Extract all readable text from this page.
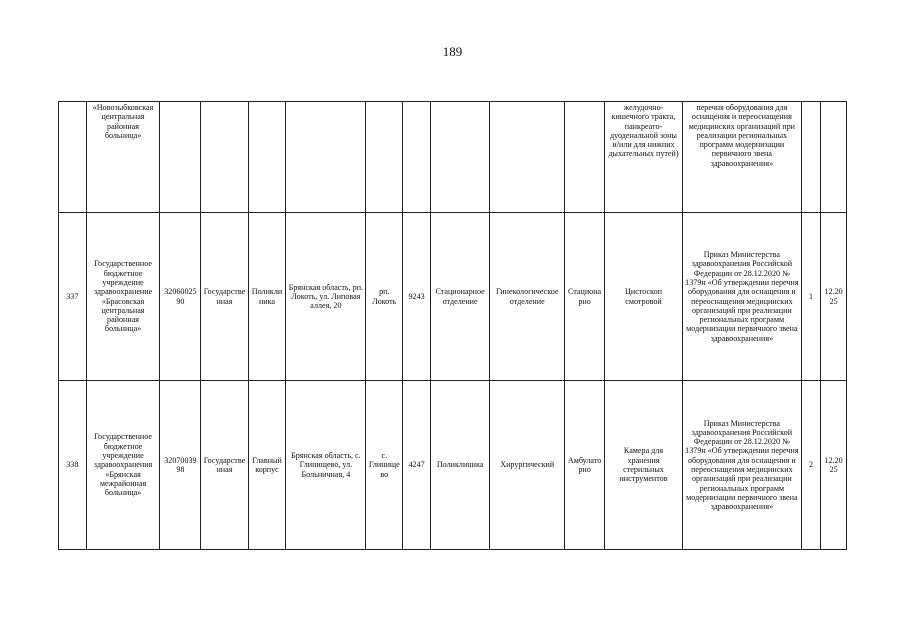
189
	«Новозыбковская центральная районная больница»										желудочно-кишечного тракта, панкреато-дуоденальной зоны и/или для нижних дыхательных путей)	перечня оборудования для оснащения и переоснащения медицинских организаций при реализации региональных программ модернизации первичного звена здравоохранения»		
337	Государственное бюджетное учреждение здравоохранение «Брасовская центральная районная больница»	3206002590	Государственная	Поликлиника	Брянская область, рп. Локоть, ул. Липовая аллея, 20	рп. Локоть	9243	Стационарное отделение	Гинекологическое отделение	Стационарно	Цистоскоп смотровой	Приказ Министерства здравоохранения Российской Федерации от 28.12.2020 № 1379н «Об утверждении перечня оборудования для оснащения и переоснащения медицинских организаций при реализации региональных программ модернизации первичного звена здравоохранения»	1	12.2025
338	Государственное бюджетное учреждение здравоохранения «Брянская межрайонная больница»	3207003998	Государственная	Главный корпус	Брянская область, с. Глинищево, ул. Больничная, 4	с. Глинищево	4247	Поликлиника	Хирургический	Амбулаторно	Камера для хранения стерильных инструментов	Приказ Министерства здравоохранения Российской Федерации от 28.12.2020 № 1379н «Об утверждении перечня оборудования для оснащения и переоснащения медицинских организаций при реализации региональных программ модернизации первичного звена здравоохранения»	2	12.2025
